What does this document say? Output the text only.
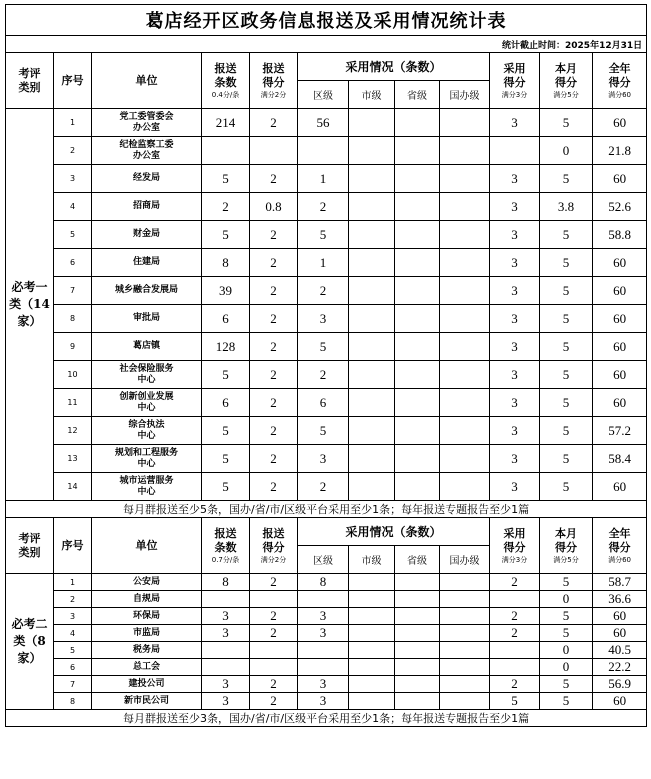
葛店经开区政务信息报送及采用情况统计表											
统计截止时间：2025年12月31日											
考评
类别	序号	单位	报送
条数
0.4分/条	报送
得分
满分2分	采用情况（条数）				采用
得分
满分3分	本月
得分
满分5分	全年
得分
满分60

					区级	市级	省级	国办级			
必考一
类（14
家）	1	党工委管委会
办公室	214	2	56				3	5	60
	2	纪检监察工委
办公室								0	21.8
	3	经发局	5	2	1				3	5	60
	4	招商局	2	0.8	2				3	3.8	52.6
	5	财金局	5	2	5				3	5	58.8
	6	住建局	8	2	1				3	5	60
	7	城乡融合发展局	39	2	2				3	5	60
	8	审批局	6	2	3				3	5	60
	9	葛店镇	128	2	5				3	5	60
	10	社会保险服务
中心	5	2	2				3	5	60
	11	创新创业发展
中心	6	2	6				3	5	60
	12	综合执法
中心	5	2	5				3	5	57.2
	13	规划和工程服务
中心	5	2	3				3	5	58.4
	14	城市运营服务
中心	5	2	2				3	5	60
每月群报送至少5条，国办/省/市/区级平台采用至少1条；每年报送专题报告至少1篇											
考评
类别	序号	单位	报送
条数
0.7分/条	报送
得分
满分2分	采用情况（条数）				采用
得分
满分3分	本月
得分
满分5分	全年
得分
满分60

					区级	市级	省级	国办级			
必考二
类（8
家）	1	公安局	8	2	8				2	5	58.7
	2	自规局								0	36.6
	3	环保局	3	2	3				2	5	60
	4	市监局	3	2	3				2	5	60
	5	税务局								0	40.5
	6	总工会								0	22.2
	7	建投公司	3	2	3				2	5	56.9
	8	新市民公司	3	2	3				5	5	60
每月群报送至少3条，国办/省/市/区级平台采用至少1条；每年报送专题报告至少1篇											
